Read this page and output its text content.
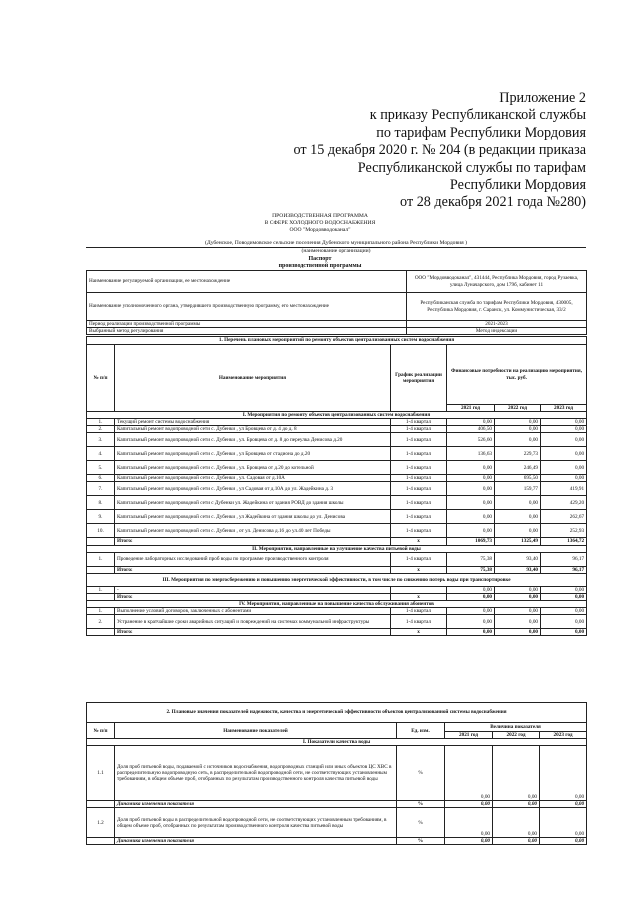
Приложение 2
к приказу Республиканской службы
по тарифам Республики Мордовия
от 15 декабря 2020 г. № 204 (в редакции приказа
Республиканской службы по тарифам
Республики Мордовия
от 28 декабря 2021 года №280)
ПРОИЗВОДСТВЕННАЯ ПРОГРАММА
В СФЕРЕ ХОЛОДНОГО ВОДОСНАБЖЕНИЯ
ООО "Мордовводоканал"
(Дубенское, Поводимовское сельские поселения Дубенского муниципального района Республики Мордовия )
(наименование организации)
Паспорт
производственной программы
Наименование регулируемой организации, ее местонахождение	ООО "Мордовводоканал", 431444, Республика Мордовия, город Рузаевка, улица Луначарского, дом 179б, кабинет 11
Наименование уполномоченного органа, утвердившего производственную программу, его местонахождение	Республиканская служба по тарифам Республики Мордовия, 430005, Республика Мордовия, г. Саранск, ул. Коммунистическая, 33/2
Период реализации производственной программы	2021-2023
Выбранный метод регулирования	Метод индексации
1. Перечень плановых мероприятий по ремонту объектов централизованных систем водоснабжения					
№ п/п	Наименование мероприятия	График реализации мероприятия	Финансовые потребности на реализацию мероприятия, тыс. руб.		
			2021 год	2022 год	2023 год
I. Мероприятия по ремонту объектов централизованных систем водоснабжения					
1.	Текущий ремонт системы водоснабжения	1-4 квартал	0,00	0,00	0,00
2.	Капитальный ремонт водопроводной сети с. Дубенки , ул Бровцева от д. 4 до д. 8	1-4 квартал	406,50	0,00	0,00
3.	Капитальный ремонт водопроводной сети с. Дубенки , ул. Бровцева от д. 8 до переулка Денисова д.20	1-4 квартал	526,60	0,00	0,00
4.	Капитальный ремонт водопроводной сети с. Дубенки , ул Бровцева от стадиона до д.20	1-4 квартал	136,63	229,73	0,00
5.	Капитальный ремонт водопроводной сети с. Дубенки , ул. Бровцева от д.20 до котельной	1-4 квартал	0,00	246,49	0,00
6.	Капитальный ремонт водопроводной сети с. Дубенки , ул. Садовая от д.10А	1-4 квартал	0,00	695,50	0,00
7.	Капитальный ремонт водопроводной сети с. Дубенки , ул Садовая от д.10А до ул. Жадейкина д. 3	1-4 квартал	0,00	159,77	419,91
8.	Капитальный ремонт водопроводной сети с Дубенки ул. Жадейкина от здания РОВД до здания школы	1-4 квартал	0,00	0,00	429,20
9.	Капитальный ремонт водопроводной сети с. Дубенки , ул Жадейкина от здания школы до ул. Денисова	1-4 квартал	0,00	0,00	262,67
10.	Капитальный ремонт водопроводной сети с. Дубенки , от ул. Денисова д.16 до ул.40 лет Победы	1-4 квартал	0,00	0,00	252,93
	Итого:	х	1069,73	1325,49	1364,72
II. Мероприятия, направленные на улучшение качества питьевой воды					
1.	Проведение лабораторных исследований проб воды по программе производственного контроля	1-4 квартал	75,38	93,40	96,17
	Итого:	х	75,38	93,40	96,17
III. Мероприятия по энергосбережению и повышению энергетической эффективности, в том числе по снижению потерь воды при транспортировке					
1.	-		0,00	0,00	0,00
	Итого:	х	0,00	0,00	0,00
IV. Мероприятия, направленные на повышение качества обслуживания абонентов					
1.	Выполнение условий договоров, заключенных с абонентами	1-4 квартал	0,00	0,00	0,00
2.	Устранение в кратчайшие сроки аварийных ситуаций и повреждений на системах коммунальной инфраструктуры	1-4 квартал	0,00	0,00	0,00
	Итого:	х	0,00	0,00	0,00
2. Плановые значения показателей надежности, качества и энергетической эффективности объектов централизованной системы водоснабжения					
№ п/п	Наименование показателей	Ед. изм.	Величина показателя		
			2021 год	2022 год	2023 год
I. Показатели качества воды					
1.1	Доля проб питьевой воды, подаваемой с источников водоснабжения, водопроводных станций или иных объектов ЦС ХВС в распределительную водопроводную сеть, в распределительной водопроводной сети, не соответствующих установленным требованиям, в общем объеме проб, отобранных по результатам производственного контроля качества питьевой воды	%	0,00	0,00	0,00
	Динамика изменения показателя	%	0,00	0,00	0,00
1.2	Доля проб питьевой воды в распределительной водопроводной сети, не соответствующих установленным требованиям, в общем объеме проб, отобранных по результатам производственного контроля качества питьевой воды	%	0,00	0,00	0,00
	Динамика изменения показателя	%	0,00	0,00	0,00
